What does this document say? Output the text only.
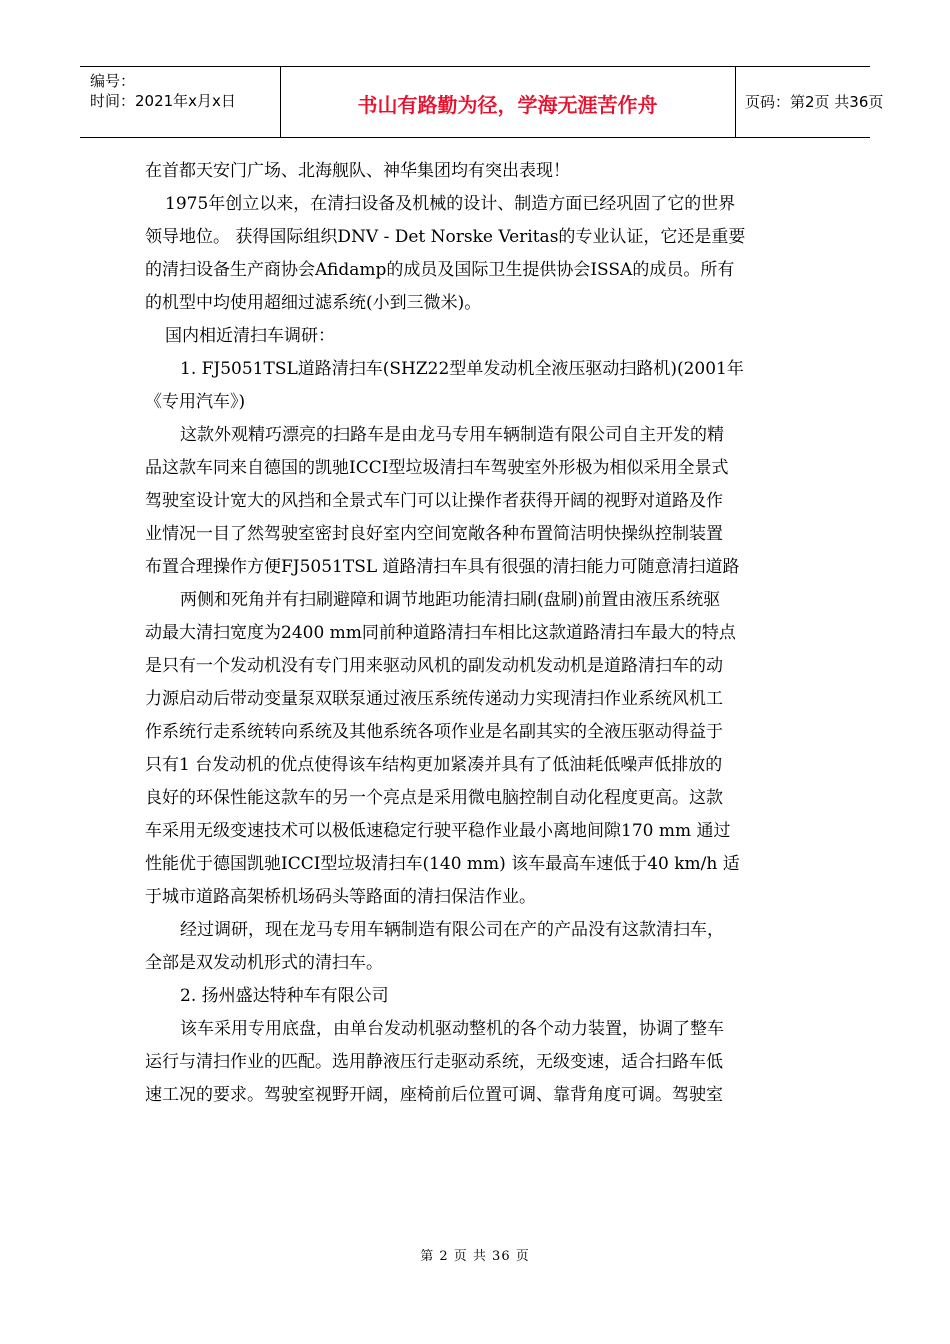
编号：
时间：2021年x月x日	书山有路勤为径，学海无涯苦作舟	页码：第2页 共36页

在首都天安门广场、北海舰队、神华集团均有突出表现！

1975年创立以来，在清扫设备及机械的设计、制造方面已经巩固了它的世界

领导地位。 获得国际组织DNV - Det Norske Veritas的专业认证，它还是重要

的清扫设备生产商协会Afidamp的成员及国际卫生提供协会ISSA的成员。所有

的机型中均使用超细过滤系统(小到三微米)。

国内相近清扫车调研：

1. FJ5051TSL道路清扫车(SHZ22型单发动机全液压驱动扫路机)(2001年

《专用汽车》)

这款外观精巧漂亮的扫路车是由龙马专用车辆制造有限公司自主开发的精

品这款车同来自德国的凯驰ICCI型垃圾清扫车驾驶室外形极为相似采用全景式

驾驶室设计宽大的风挡和全景式车门可以让操作者获得开阔的视野对道路及作

业情况一目了然驾驶室密封良好室内空间宽敞各种布置简洁明快操纵控制装置

布置合理操作方便FJ5051TSL 道路清扫车具有很强的清扫能力可随意清扫道路

两侧和死角并有扫刷避障和调节地距功能清扫刷(盘刷)前置由液压系统驱

动最大清扫宽度为2400 mm同前种道路清扫车相比这款道路清扫车最大的特点

是只有一个发动机没有专门用来驱动风机的副发动机发动机是道路清扫车的动

力源启动后带动变量泵双联泵通过液压系统传递动力实现清扫作业系统风机工

作系统行走系统转向系统及其他系统各项作业是名副其实的全液压驱动得益于

只有1 台发动机的优点使得该车结构更加紧凑并具有了低油耗低噪声低排放的

良好的环保性能这款车的另一个亮点是采用微电脑控制自动化程度更高。这款

车采用无级变速技术可以极低速稳定行驶平稳作业最小离地间隙170 mm 通过

性能优于德国凯驰ICCI型垃圾清扫车(140 mm) 该车最高车速低于40 km/h 适

于城市道路高架桥机场码头等路面的清扫保洁作业。

经过调研，现在龙马专用车辆制造有限公司在产的产品没有这款清扫车，

全部是双发动机形式的清扫车。

2. 扬州盛达特种车有限公司

该车采用专用底盘，由单台发动机驱动整机的各个动力装置，协调了整车

运行与清扫作业的匹配。选用静液压行走驱动系统，无级变速，适合扫路车低

速工况的要求。驾驶室视野开阔，座椅前后位置可调、靠背角度可调。驾驶室

第 2 页 共 36 页
